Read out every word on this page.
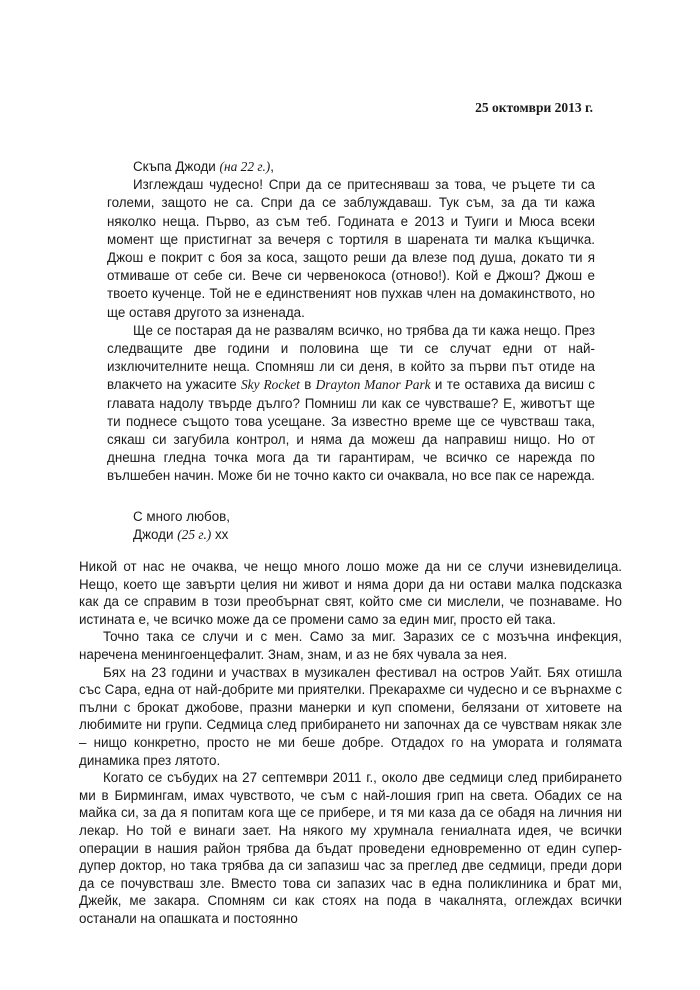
25 октомври 2013 г.

Скъпа Джоди (на 22 г.),

Изглеждаш чудесно! Спри да се притесняваш за това, че ръцете ти са големи, защото не са. Спри да се заблуждаваш. Тук съм, за да ти кажа няколко неща. Първо, аз съм теб. Годината е 2013 и Туиги и Мюса всеки момент ще пристигнат за вечеря с тортиля в шарената ти малка къщичка. Джош е покрит с боя за коса, защото реши да влезе под душа, докато ти я отмиваше от себе си. Вече си червенокоса (отново!). Кой е Джош? Джош е твоето кученце. Той не е единственият нов пухкав член на домакинството, но ще оставя другото за изненада.

Ще се постарая да не развалям всичко, но трябва да ти кажа нещо. През следващите две години и половина ще ти се случат едни от най-изключителните неща. Спомняш ли си деня, в който за първи път отиде на влакчето на ужасите Sky Rocket в Drayton Manor Park и те оставиха да висиш с главата надолу твърде дълго? Помниш ли как се чувстваше? Е, животът ще ти поднесе същото това усещане. За известно време ще се чувстваш така, сякаш си загубила контрол, и няма да можеш да направиш нищо. Но от днешна гледна точка мога да ти гарантирам, че всичко се нарежда по вълшебен начин. Може би не точно както си очаквала, но все пак се нарежда.

С много любов,

Джоди (25 г.) xx

Никой от нас не очаква, че нещо много лошо може да ни се случи изневиделица. Нещо, което ще завърти целия ни живот и няма дори да ни остави малка подсказка как да се справим в този преобърнат свят, който сме си мислели, че познаваме. Но истината е, че всичко може да се промени само за един миг, просто ей така.

Точно така се случи и с мен. Само за миг. Заразих се с мозъчна инфекция, наречена менингоенцефалит. Знам, знам, и аз не бях чувала за нея.

Бях на 23 години и участвах в музикален фестивал на остров Уайт. Бях отишла със Сара, една от най-добрите ми приятелки. Прекарахме си чудесно и се върнахме с пълни с брокат джобове, празни манерки и куп спомени, белязани от хитовете на любимите ни групи. Седмица след прибирането ни започнах да се чувствам някак зле – нищо конкретно, просто не ми беше добре. Отдадох го на умората и голямата динамика през лятото.

Когато се събудих на 27 септември 2011 г., около две седмици след прибирането ми в Бирмингам, имах чувството, че съм с най-лошия грип на света. Обадих се на майка си, за да я попитам кога ще се прибере, и тя ми каза да се обадя на личния ни лекар. Но той е винаги зает. На някого му хрумнала гениалната идея, че всички операции в нашия район трябва да бъдат проведени едновременно от един супер-дупер доктор, но така трябва да си запазиш час за преглед две седмици, преди дори да се почувстваш зле. Вместо това си запазих час в една поликлиника и брат ми, Джейк, ме закара. Спомням си как стоях на пода в чакалнята, оглеждах всички останали на опашката и постоянно
